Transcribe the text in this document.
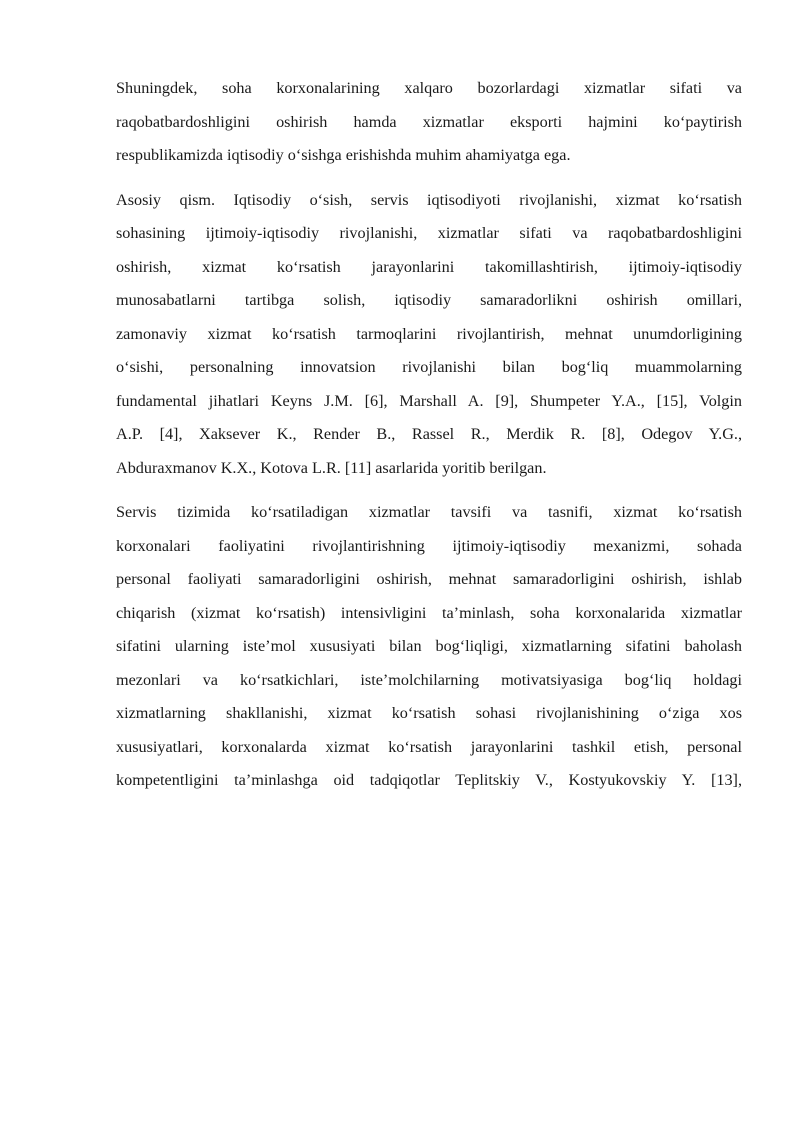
Shuningdek, soha korxonalarining xalqaro bozorlardagi xizmatlar sifati va
raqobatbardoshligini oshirish hamda xizmatlar eksporti hajmini ko‘paytirish
respublikamizda iqtisodiy o‘sishga erishishda muhim ahamiyatga ega.

Asosiy qism. Iqtisodiy o‘sish, servis iqtisodiyoti rivojlanishi, xizmat ko‘rsatish
sohasining ijtimoiy-iqtisodiy rivojlanishi, xizmatlar sifati va raqobatbardoshligini
oshirish, xizmat ko‘rsatish jarayonlarini takomillashtirish, ijtimoiy-iqtisodiy
munosabatlarni tartibga solish, iqtisodiy samaradorlikni oshirish omillari,
zamonaviy xizmat ko‘rsatish tarmoqlarini rivojlantirish, mehnat unumdorligining
o‘sishi, personalning innovatsion rivojlanishi bilan bog‘liq muammolarning
fundamental jihatlari Keyns J.M. [6], Marshall A. [9], Shumpeter Y.A., [15], Volgin
A.P. [4], Xaksever K., Render B., Rassel R., Merdik R. [8], Odegov Y.G.,
Abduraxmanov K.X., Kotova L.R. [11] asarlarida yoritib berilgan.

Servis tizimida ko‘rsatiladigan xizmatlar tavsifi va tasnifi, xizmat ko‘rsatish
korxonalari faoliyatini rivojlantirishning ijtimoiy-iqtisodiy mexanizmi, sohada
personal faoliyati samaradorligini oshirish, mehnat samaradorligini oshirish, ishlab
chiqarish (xizmat ko‘rsatish) intensivligini ta’minlash, soha korxonalarida xizmatlar
sifatini ularning iste’mol xususiyati bilan bog‘liqligi, xizmatlarning sifatini baholash
mezonlari va ko‘rsatkichlari, iste’molchilarning motivatsiyasiga bog‘liq holdagi
xizmatlarning shakllanishi, xizmat ko‘rsatish sohasi rivojlanishining o‘ziga xos
xususiyatlari, korxonalarda xizmat ko‘rsatish jarayonlarini tashkil etish, personal
kompetentligini ta’minlashga oid tadqiqotlar Teplitskiy V., Kostyukovskiy Y. [13],
